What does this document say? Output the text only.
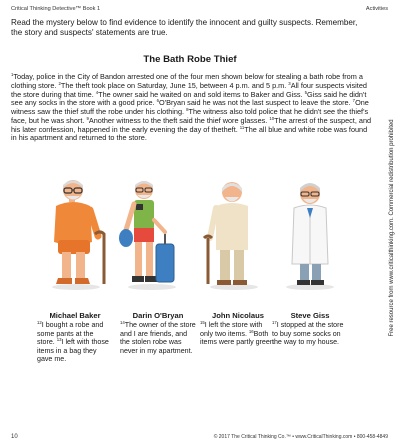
Critical Thinking Detective™ Book 1	Activities
Read the mystery below to find evidence to identify the innocent and guilty suspects. Remember, the story and suspects' statements are true.
The Bath Robe Thief
$^1$Today, police in the City of Bandon arrested one of the four men shown below for stealing a bath robe from a clothing store. $^2$The theft took place on Saturday, June 15, between 4 p.m. and 5 p.m. $^3$All four suspects visited the store during that time. $^4$The owner said he waited on and sold items to Baker and Giss. $^5$Giss said he didn't see any socks in the store with a good price. $^6$O'Bryan said he was not the last suspect to leave the store. $^7$One witness saw the thief stuff the robe under his clothing. $^8$The witness also told police that he didn't see the thief's face, but he was short. $^9$Another witness to the theft said the thief wore glasses. $^{10}$The arrest of the suspect, and his later confession, happened in the early evening the day of thetheft. $^{11}$The all blue and white robe was found in his apartment and returned to the store.	Free resource from www.criticalthinking.com. Commercial redistribution prohibited
Michael Baker
$^{12}$I bought a robe and some pants at the store. $^{13}$I left with those items in a bag they gave me.
Darin O'Bryan
$^{14}$The owner of the store and I are friends, and the stolen robe was never in my apartment.
John Nicolaus
$^{15}$I left the store with only two items. $^{16}$Both items were partly green.
Steve Giss
$^{17}$I stopped at the store to buy some socks on the way to my house.
10	© 2017 The Critical Thinking Co.™ • www.CriticalThinking.com • 800-458-4849
